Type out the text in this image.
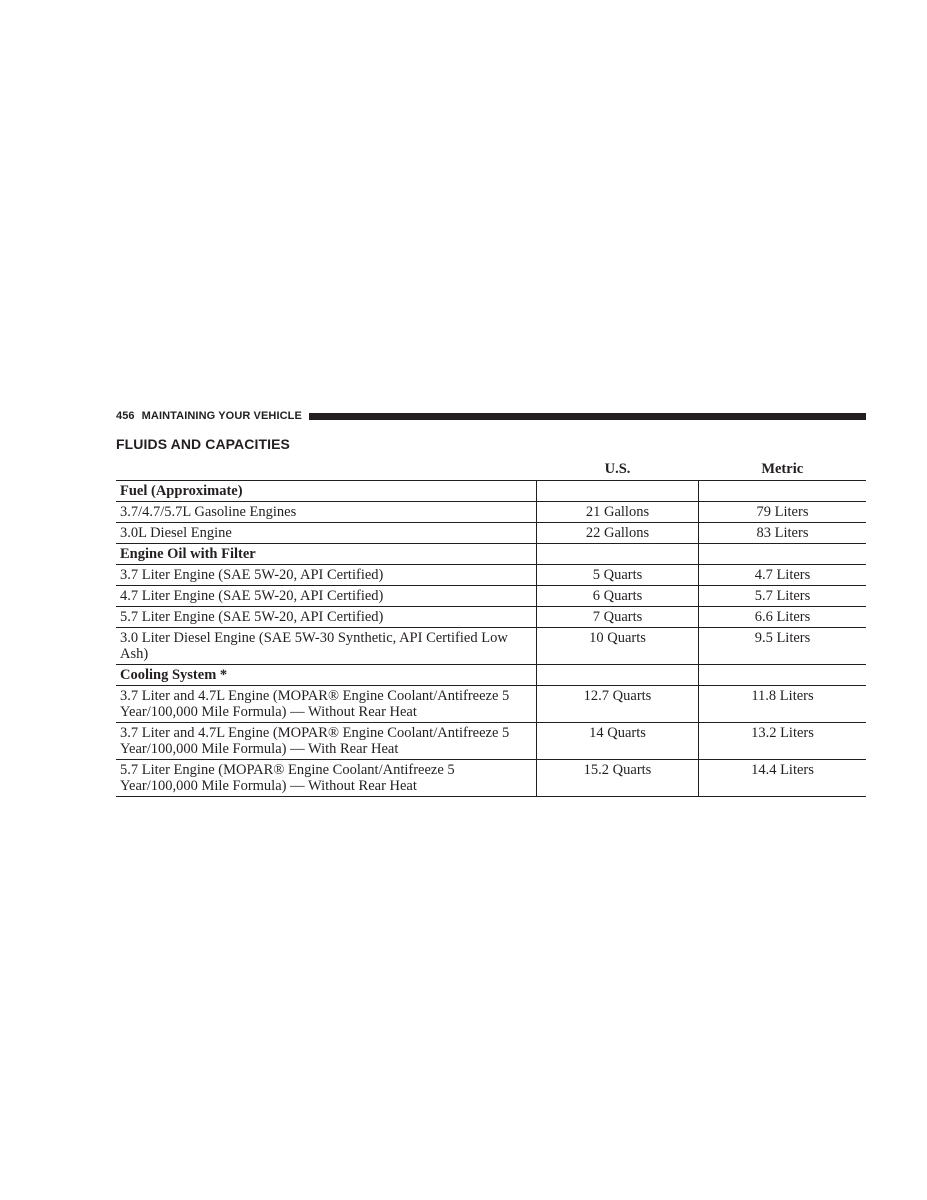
456 MAINTAINING YOUR VEHICLE
FLUIDS AND CAPACITIES
	U.S.	Metric
Fuel (Approximate)		
3.7/4.7/5.7L Gasoline Engines	21 Gallons	79 Liters
3.0L Diesel Engine	22 Gallons	83 Liters
Engine Oil with Filter		
3.7 Liter Engine (SAE 5W-20, API Certified)	5 Quarts	4.7 Liters
4.7 Liter Engine (SAE 5W-20, API Certified)	6 Quarts	5.7 Liters
5.7 Liter Engine (SAE 5W-20, API Certified)	7 Quarts	6.6 Liters
3.0 Liter Diesel Engine (SAE 5W-30 Synthetic, API Certified Low Ash)	10 Quarts	9.5 Liters
Cooling System *		
3.7 Liter and 4.7L Engine (MOPAR® Engine Coolant/Antifreeze 5 Year/100,000 Mile Formula) — Without Rear Heat	12.7 Quarts	11.8 Liters
3.7 Liter and 4.7L Engine (MOPAR® Engine Coolant/Antifreeze 5 Year/100,000 Mile Formula) — With Rear Heat	14 Quarts	13.2 Liters
5.7 Liter Engine (MOPAR® Engine Coolant/Antifreeze 5 Year/100,000 Mile Formula) — Without Rear Heat	15.2 Quarts	14.4 Liters
